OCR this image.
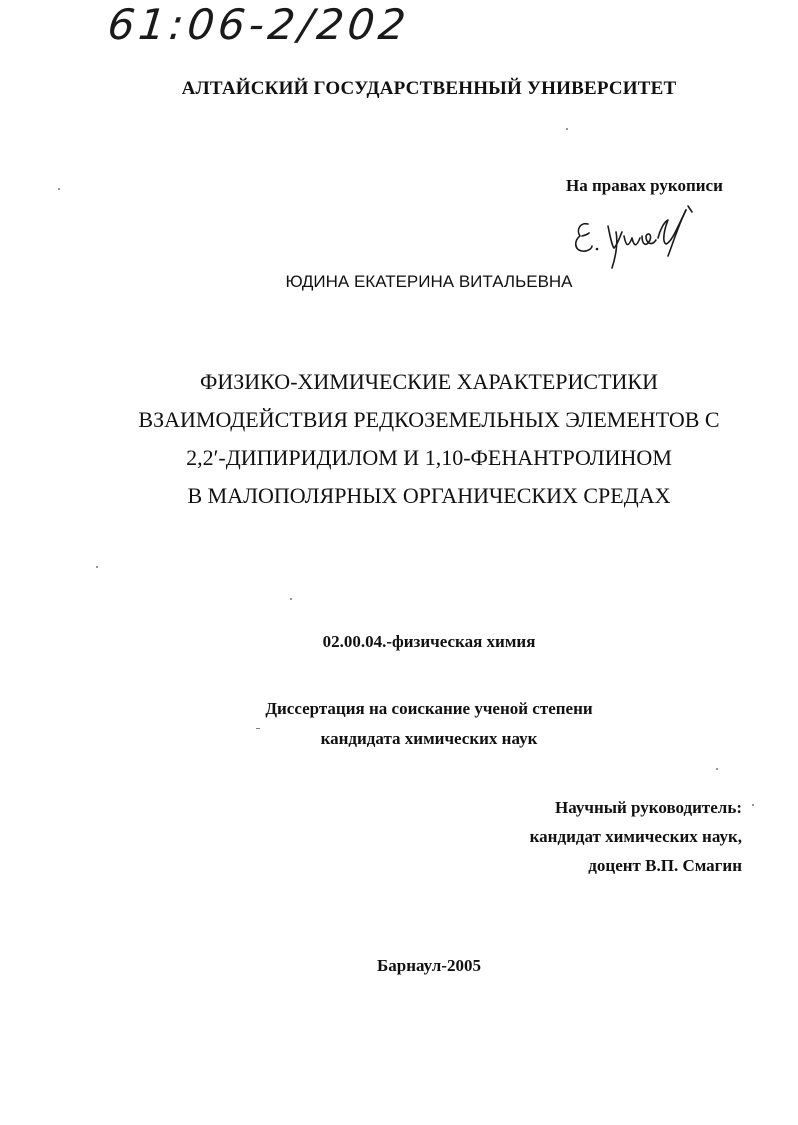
61:06-2/202
АЛТАЙСКИЙ ГОСУДАРСТВЕННЫЙ УНИВЕРСИТЕТ
На правах рукописи
ЮДИНА ЕКАТЕРИНА ВИТАЛЬЕВНА
ФИЗИКО-ХИМИЧЕСКИЕ ХАРАКТЕРИСТИКИ
ВЗАИМОДЕЙСТВИЯ РЕДКОЗЕМЕЛЬНЫХ ЭЛЕМЕНТОВ С
2,2′-ДИПИРИДИЛОМ И 1,10-ФЕНАНТРОЛИНОМ
В МАЛОПОЛЯРНЫХ ОРГАНИЧЕСКИХ СРЕДАХ
02.00.04.-физическая химия
Диссертация на соискание ученой степени
кандидата химических наук
Научный руководитель:
кандидат химических наук,
доцент В.П. Смагин
Барнаул-2005
